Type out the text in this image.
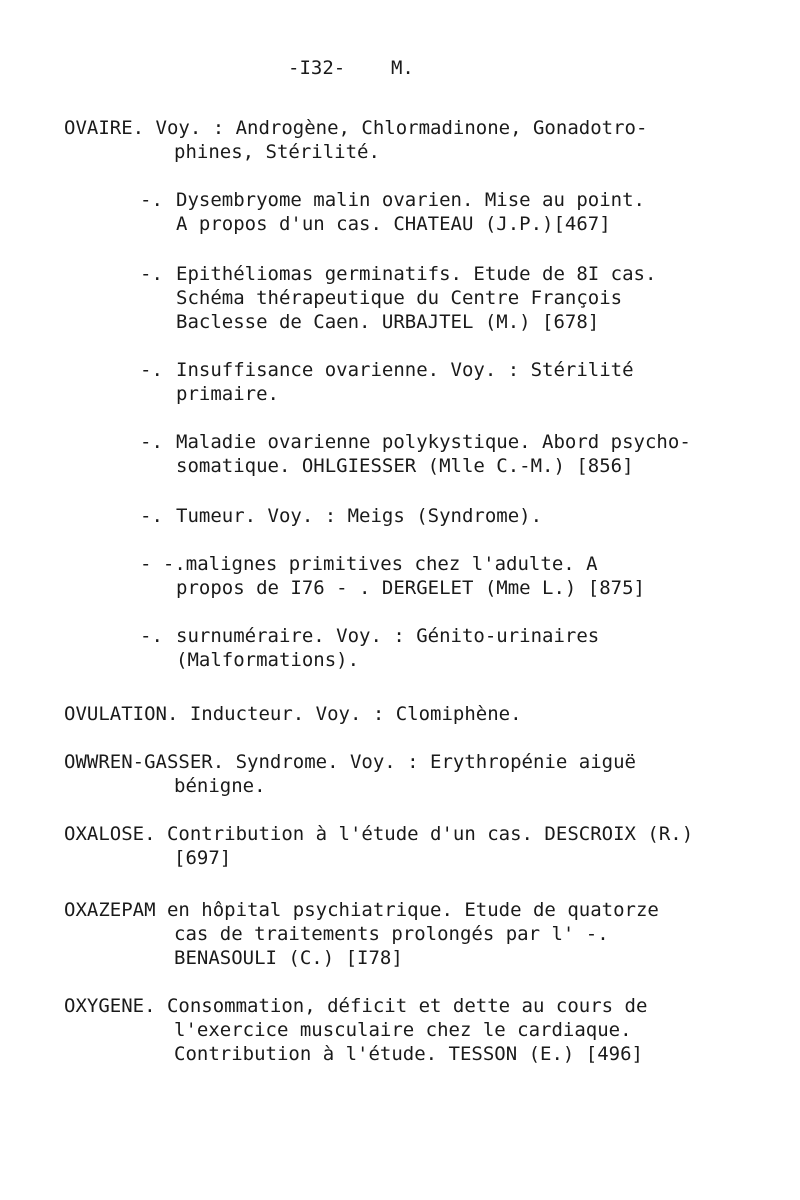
-I32- M.
OVAIRE. Voy. : Androgène, Chlormadinone, Gonadotro-
phines, Stérilité.
-. Dysembryome malin ovarien. Mise au point.
A propos d'un cas. CHATEAU (J.P.)[467]
-. Epithéliomas germinatifs. Etude de 8I cas.
Schéma thérapeutique du Centre François
Baclesse de Caen. URBAJTEL (M.) [678]
-. Insuffisance ovarienne. Voy. : Stérilité
primaire.
-. Maladie ovarienne polykystique. Abord psycho-
somatique. OHLGIESSER (Mlle C.-M.) [856]
-. Tumeur. Voy. : Meigs (Syndrome).
- -.malignes primitives chez l'adulte. A
propos de I76 - . DERGELET (Mme L.) [875]
-. surnuméraire. Voy. : Génito-urinaires
(Malformations).
OVULATION. Inducteur. Voy. : Clomiphène.
OWWREN-GASSER. Syndrome. Voy. : Erythropénie aiguë
bénigne.
OXALOSE. Contribution à l'étude d'un cas. DESCROIX (R.)
[697]
OXAZEPAM en hôpital psychiatrique. Etude de quatorze
cas de traitements prolongés par l' -.
BENASOULI (C.) [I78]
OXYGENE. Consommation, déficit et dette au cours de
l'exercice musculaire chez le cardiaque.
Contribution à l'étude. TESSON (E.) [496]
